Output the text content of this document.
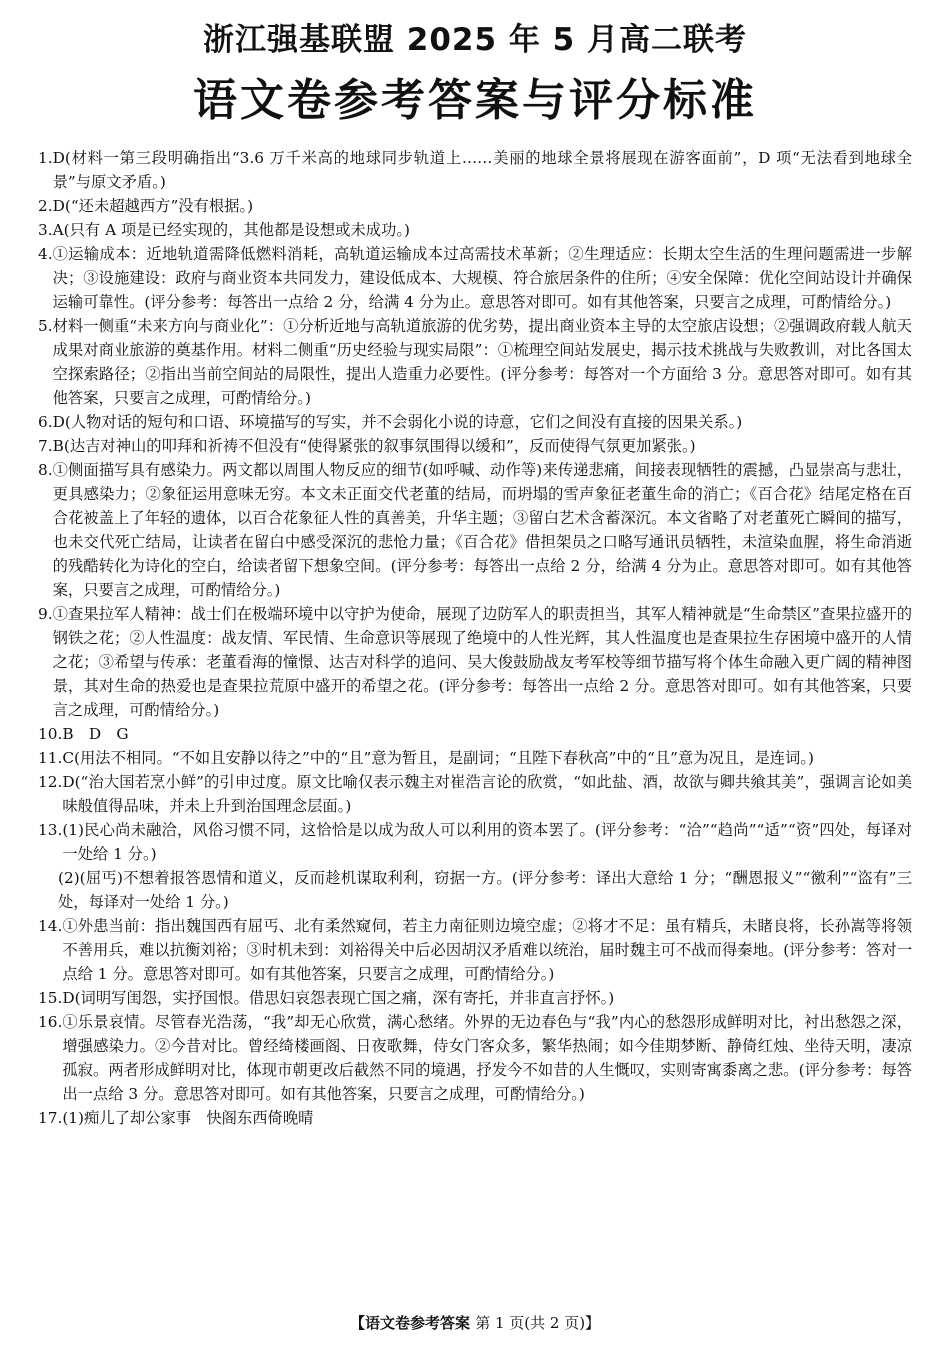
浙江强基联盟 2025 年 5 月高二联考
语文卷参考答案与评分标准
1. D(材料一第三段明确指出“3.6 万千米高的地球同步轨道上……美丽的地球全景将展现在游客面前”，D 项“无法看到地球全景”与原文矛盾。)
2. D(“还未超越西方”没有根据。)
3. A(只有 A 项是已经实现的，其他都是设想或未成功。)
4. ①运输成本：近地轨道需降低燃料消耗，高轨道运输成本过高需技术革新；②生理适应：长期太空生活的生理问题需进一步解决；③设施建设：政府与商业资本共同发力，建设低成本、大规模、符合旅居条件的住所；④安全保障：优化空间站设计并确保运输可靠性。(评分参考：每答出一点给 2 分，给满 4 分为止。意思答对即可。如有其他答案，只要言之成理，可酌情给分。)
5. 材料一侧重“未来方向与商业化”：①分析近地与高轨道旅游的优劣势，提出商业资本主导的太空旅店设想；②强调政府载人航天成果对商业旅游的奠基作用。材料二侧重“历史经验与现实局限”：①梳理空间站发展史，揭示技术挑战与失败教训，对比各国太空探索路径；②指出当前空间站的局限性，提出人造重力必要性。(评分参考：每答对一个方面给 3 分。意思答对即可。如有其他答案，只要言之成理，可酌情给分。)
6. D(人物对话的短句和口语、环境描写的写实，并不会弱化小说的诗意，它们之间没有直接的因果关系。)
7. B(达吉对神山的叩拜和祈祷不但没有“使得紧张的叙事氛围得以缓和”，反而使得气氛更加紧张。)
8. ①侧面描写具有感染力。两文都以周围人物反应的细节(如呼喊、动作等)来传递悲痛，间接表现牺牲的震撼，凸显崇高与悲壮，更具感染力；②象征运用意味无穷。本文未正面交代老董的结局，而坍塌的雪声象征老董生命的消亡；《百合花》结尾定格在百合花被盖上了年轻的遗体，以百合花象征人性的真善美，升华主题；③留白艺术含蓄深沉。本文省略了对老董死亡瞬间的描写，也未交代死亡结局，让读者在留白中感受深沉的悲怆力量；《百合花》借担架员之口略写通讯员牺牲，未渲染血腥，将生命消逝的残酷转化为诗化的空白，给读者留下想象空间。(评分参考：每答出一点给 2 分，给满 4 分为止。意思答对即可。如有其他答案，只要言之成理，可酌情给分。)
9. ①查果拉军人精神：战士们在极端环境中以守护为使命，展现了边防军人的职责担当，其军人精神就是“生命禁区”查果拉盛开的钢铁之花；②人性温度：战友情、军民情、生命意识等展现了绝境中的人性光辉，其人性温度也是查果拉生存困境中盛开的人情之花；③希望与传承：老董看海的憧憬、达吉对科学的追问、吴大俊鼓励战友考军校等细节描写将个体生命融入更广阔的精神图景，其对生命的热爱也是查果拉荒原中盛开的希望之花。(评分参考：每答出一点给 2 分。意思答对即可。如有其他答案，只要言之成理，可酌情给分。)
10. B　D　G
11. C(用法不相同。“不如且安静以待之”中的“且”意为暂且，是副词；“且陛下春秋高”中的“且”意为况且，是连词。)
12. D(“治大国若烹小鲜”的引申过度。原文比喻仅表示魏主对崔浩言论的欣赏，“如此盐、酒，故欲与卿共飨其美”，强调言论如美味般值得品味，并未上升到治国理念层面。)
13. (1)民心尚未融洽，风俗习惯不同，这恰恰是以成为敌人可以利用的资本罢了。(评分参考：“洽”“趋尚”“适”“资”四处，每译对一处给 1 分。)
(2)(屈丐)不想着报答恩情和道义，反而趁机谋取利利，窃据一方。(评分参考：译出大意给 1 分；“酬恩报义”“徼利”“盗有”三处，每译对一处给 1 分。)
14. ①外患当前：指出魏国西有屈丐、北有柔然窥伺，若主力南征则边境空虚；②将才不足：虽有精兵，未睹良将，长孙嵩等将领不善用兵，难以抗衡刘裕；③时机未到：刘裕得关中后必因胡汉矛盾难以统治，届时魏主可不战而得秦地。(评分参考：答对一点给 1 分。意思答对即可。如有其他答案，只要言之成理，可酌情给分。)
15. D(词明写闺怨，实抒国恨。借思妇哀怨表现亡国之痛，深有寄托，并非直言抒怀。)
16. ①乐景哀情。尽管春光浩荡，“我”却无心欣赏，满心愁绪。外界的无边春色与“我”内心的愁怨形成鲜明对比，衬出愁怨之深，增强感染力。②今昔对比。曾经绮楼画阁、日夜歌舞，侍女门客众多，繁华热闹；如今佳期梦断、静倚红烛、坐待天明，凄凉孤寂。两者形成鲜明对比，体现市朝更改后截然不同的境遇，抒发今不如昔的人生慨叹，实则寄寓黍离之悲。(评分参考：每答出一点给 3 分。意思答对即可。如有其他答案，只要言之成理，可酌情给分。)
17. (1)痴儿了却公家事　快阁东西倚晚晴
【语文卷参考答案 第 1 页(共 2 页)】
